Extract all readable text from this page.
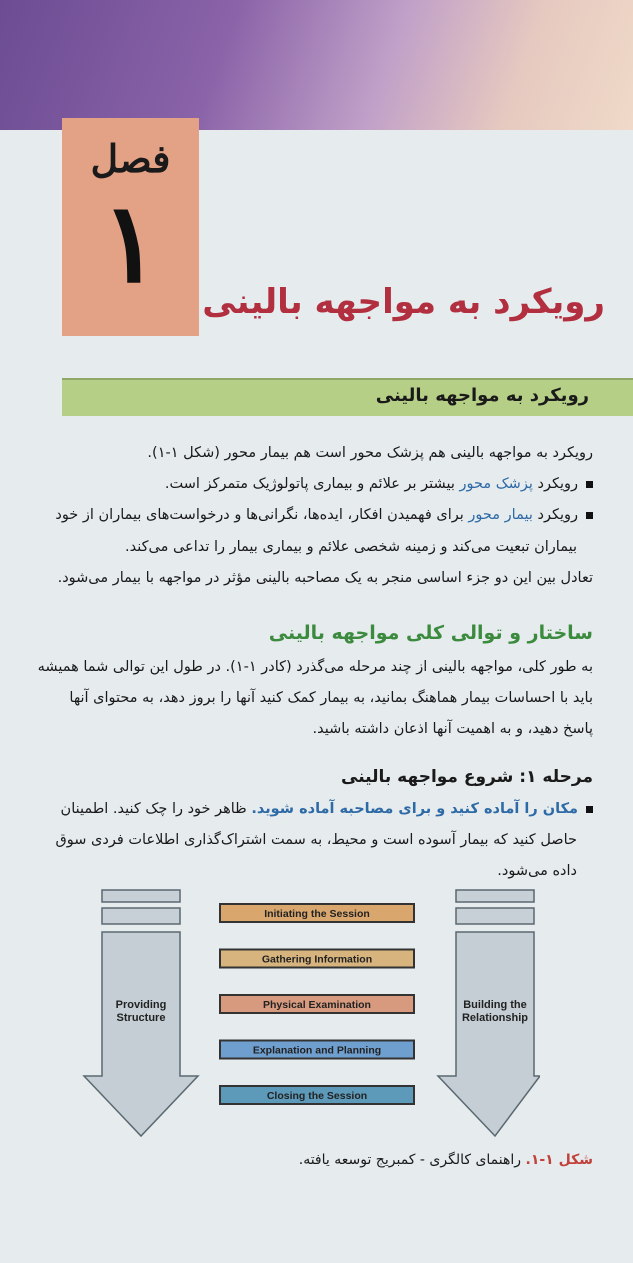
فصل
۱	رویکرد به مواجهه بالینی
رویکرد به مواجهه بالینی
رویکرد به مواجهه بالینی هم پزشک محور است هم بیمار محور (شکل ۱-۱).
رویکرد پزشک محور بیشتر بر علائم و بیماری پاتولوژیک متمرکز است.
رویکرد بیمار محور برای فهمیدن افکار، ایده‌ها، نگرانی‌ها و درخواست‌های بیماران از خود
بیماران تبعیت می‌کند و زمینه شخصی علائم و بیماری بیمار را تداعی می‌کند.
تعادل بین این دو جزء اساسی منجر به یک مصاحبه بالینی مؤثر در مواجهه با بیمار می‌شود.
ساختار و توالی کلی مواجهه بالینی
به طور کلی، مواجهه بالینی از چند مرحله می‌گذرد (کادر ۱-۱). در طول این توالی شما همیشه
باید با احساسات بیمار هماهنگ بمانید، به بیمار کمک کنید آنها را بروز دهد، به محتوای آنها
پاسخ دهید، و به اهمیت آنها اذعان داشته باشید.
مرحله ۱: شروع مواجهه بالینی
مکان را آماده کنید و برای مصاحبه آماده شوید. ظاهر خود را چک کنید. اطمینان
حاصل کنید که بیمار آسوده است و محیط، به سمت اشتراک‌گذاری اطلاعات فردی سوق
داده می‌شود.
Providing
Structure
Building the
Relationship
Initiating the Session
Gathering Information
Physical Examination
Explanation and Planning
Closing the Session
شکل ۱-۱. راهنمای کالگری - کمبریج توسعه یافته.
